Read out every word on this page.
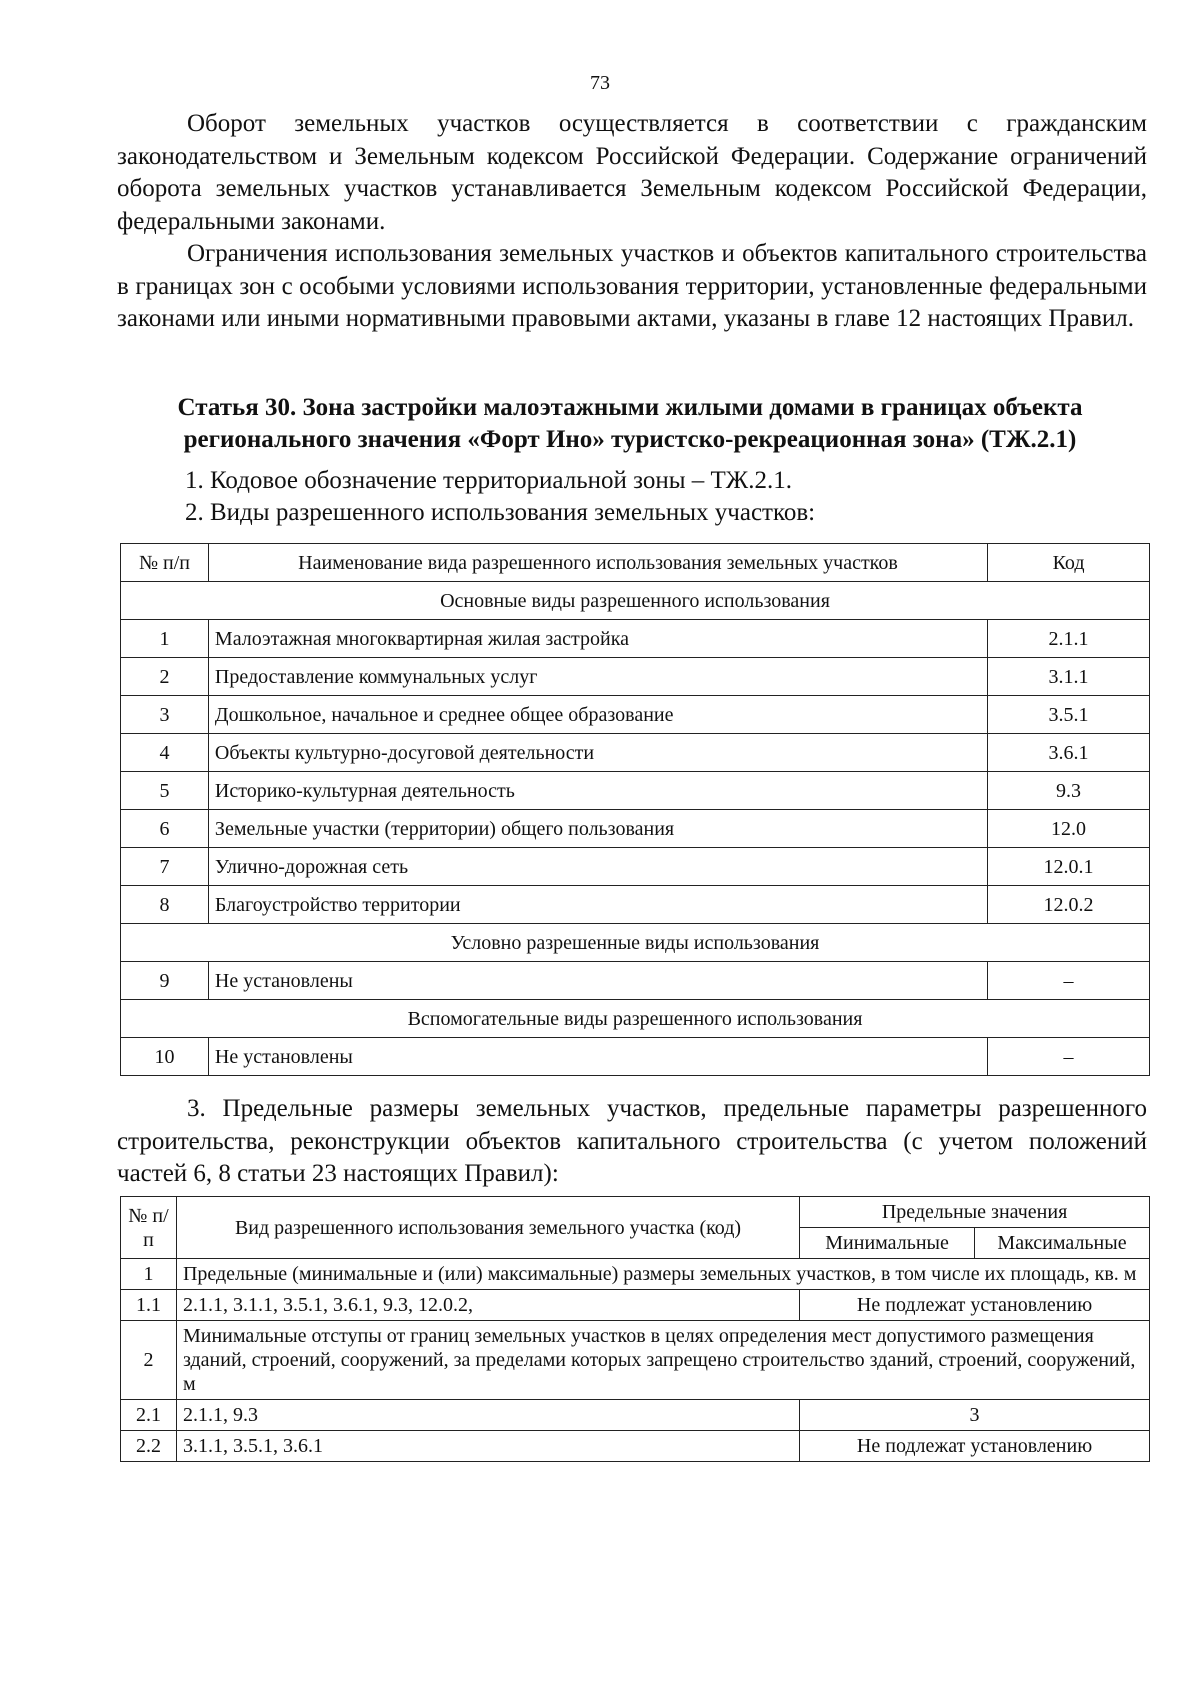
73

Оборот земельных участков осуществляется в соответствии с гражданским законодательством и Земельным кодексом Российской Федерации. Содержание ограничений оборота земельных участков устанавливается Земельным кодексом Российской Федерации, федеральными законами.

Ограничения использования земельных участков и объектов капитального строительства в границах зон с особыми условиями использования территории, установленные федеральными законами или иными нормативными правовыми актами, указаны в главе 12 настоящих Правил.

Статья 30. Зона застройки малоэтажными жилыми домами в границах объекта
регионального значения «Форт Ино» туристско-рекреационная зона» (ТЖ.2.1)
1. Кодовое обозначение территориальной зоны – ТЖ.2.1.
2. Виды разрешенного использования земельных участков:
№ п/п	Наименование вида разрешенного использования земельных участков	Код
Основные виды разрешенного использования		
1	Малоэтажная многоквартирная жилая застройка	2.1.1
2	Предоставление коммунальных услуг	3.1.1
3	Дошкольное, начальное и среднее общее образование	3.5.1
4	Объекты культурно-досуговой деятельности	3.6.1
5	Историко-культурная деятельность	9.3
6	Земельные участки (территории) общего пользования	12.0
7	Улично-дорожная сеть	12.0.1
8	Благоустройство территории	12.0.2
Условно разрешенные виды использования		
9	Не установлены	–
Вспомогательные виды разрешенного использования		
10	Не установлены	–

3. Предельные размеры земельных участков, предельные параметры разрешенного строительства, реконструкции объектов капитального строительства (с учетом положений частей 6, 8 статьи 23 настоящих Правил):

№ п/п	Вид разрешенного использования земельного участка (код)	Предельные значения	
		Минимальные	Максимальные
1	Предельные (минимальные и (или) максимальные) размеры земельных участков, в том числе их площадь, кв. м		
1.1	2.1.1, 3.1.1, 3.5.1, 3.6.1, 9.3, 12.0.2,	Не подлежат установлению	
2	Минимальные отступы от границ земельных участков в целях определения мест допустимого размещения зданий, строений, сооружений, за пределами которых запрещено строительство зданий, строений, сооружений, м		
2.1	2.1.1, 9.3	3	
2.2	3.1.1, 3.5.1, 3.6.1	Не подлежат установлению	
